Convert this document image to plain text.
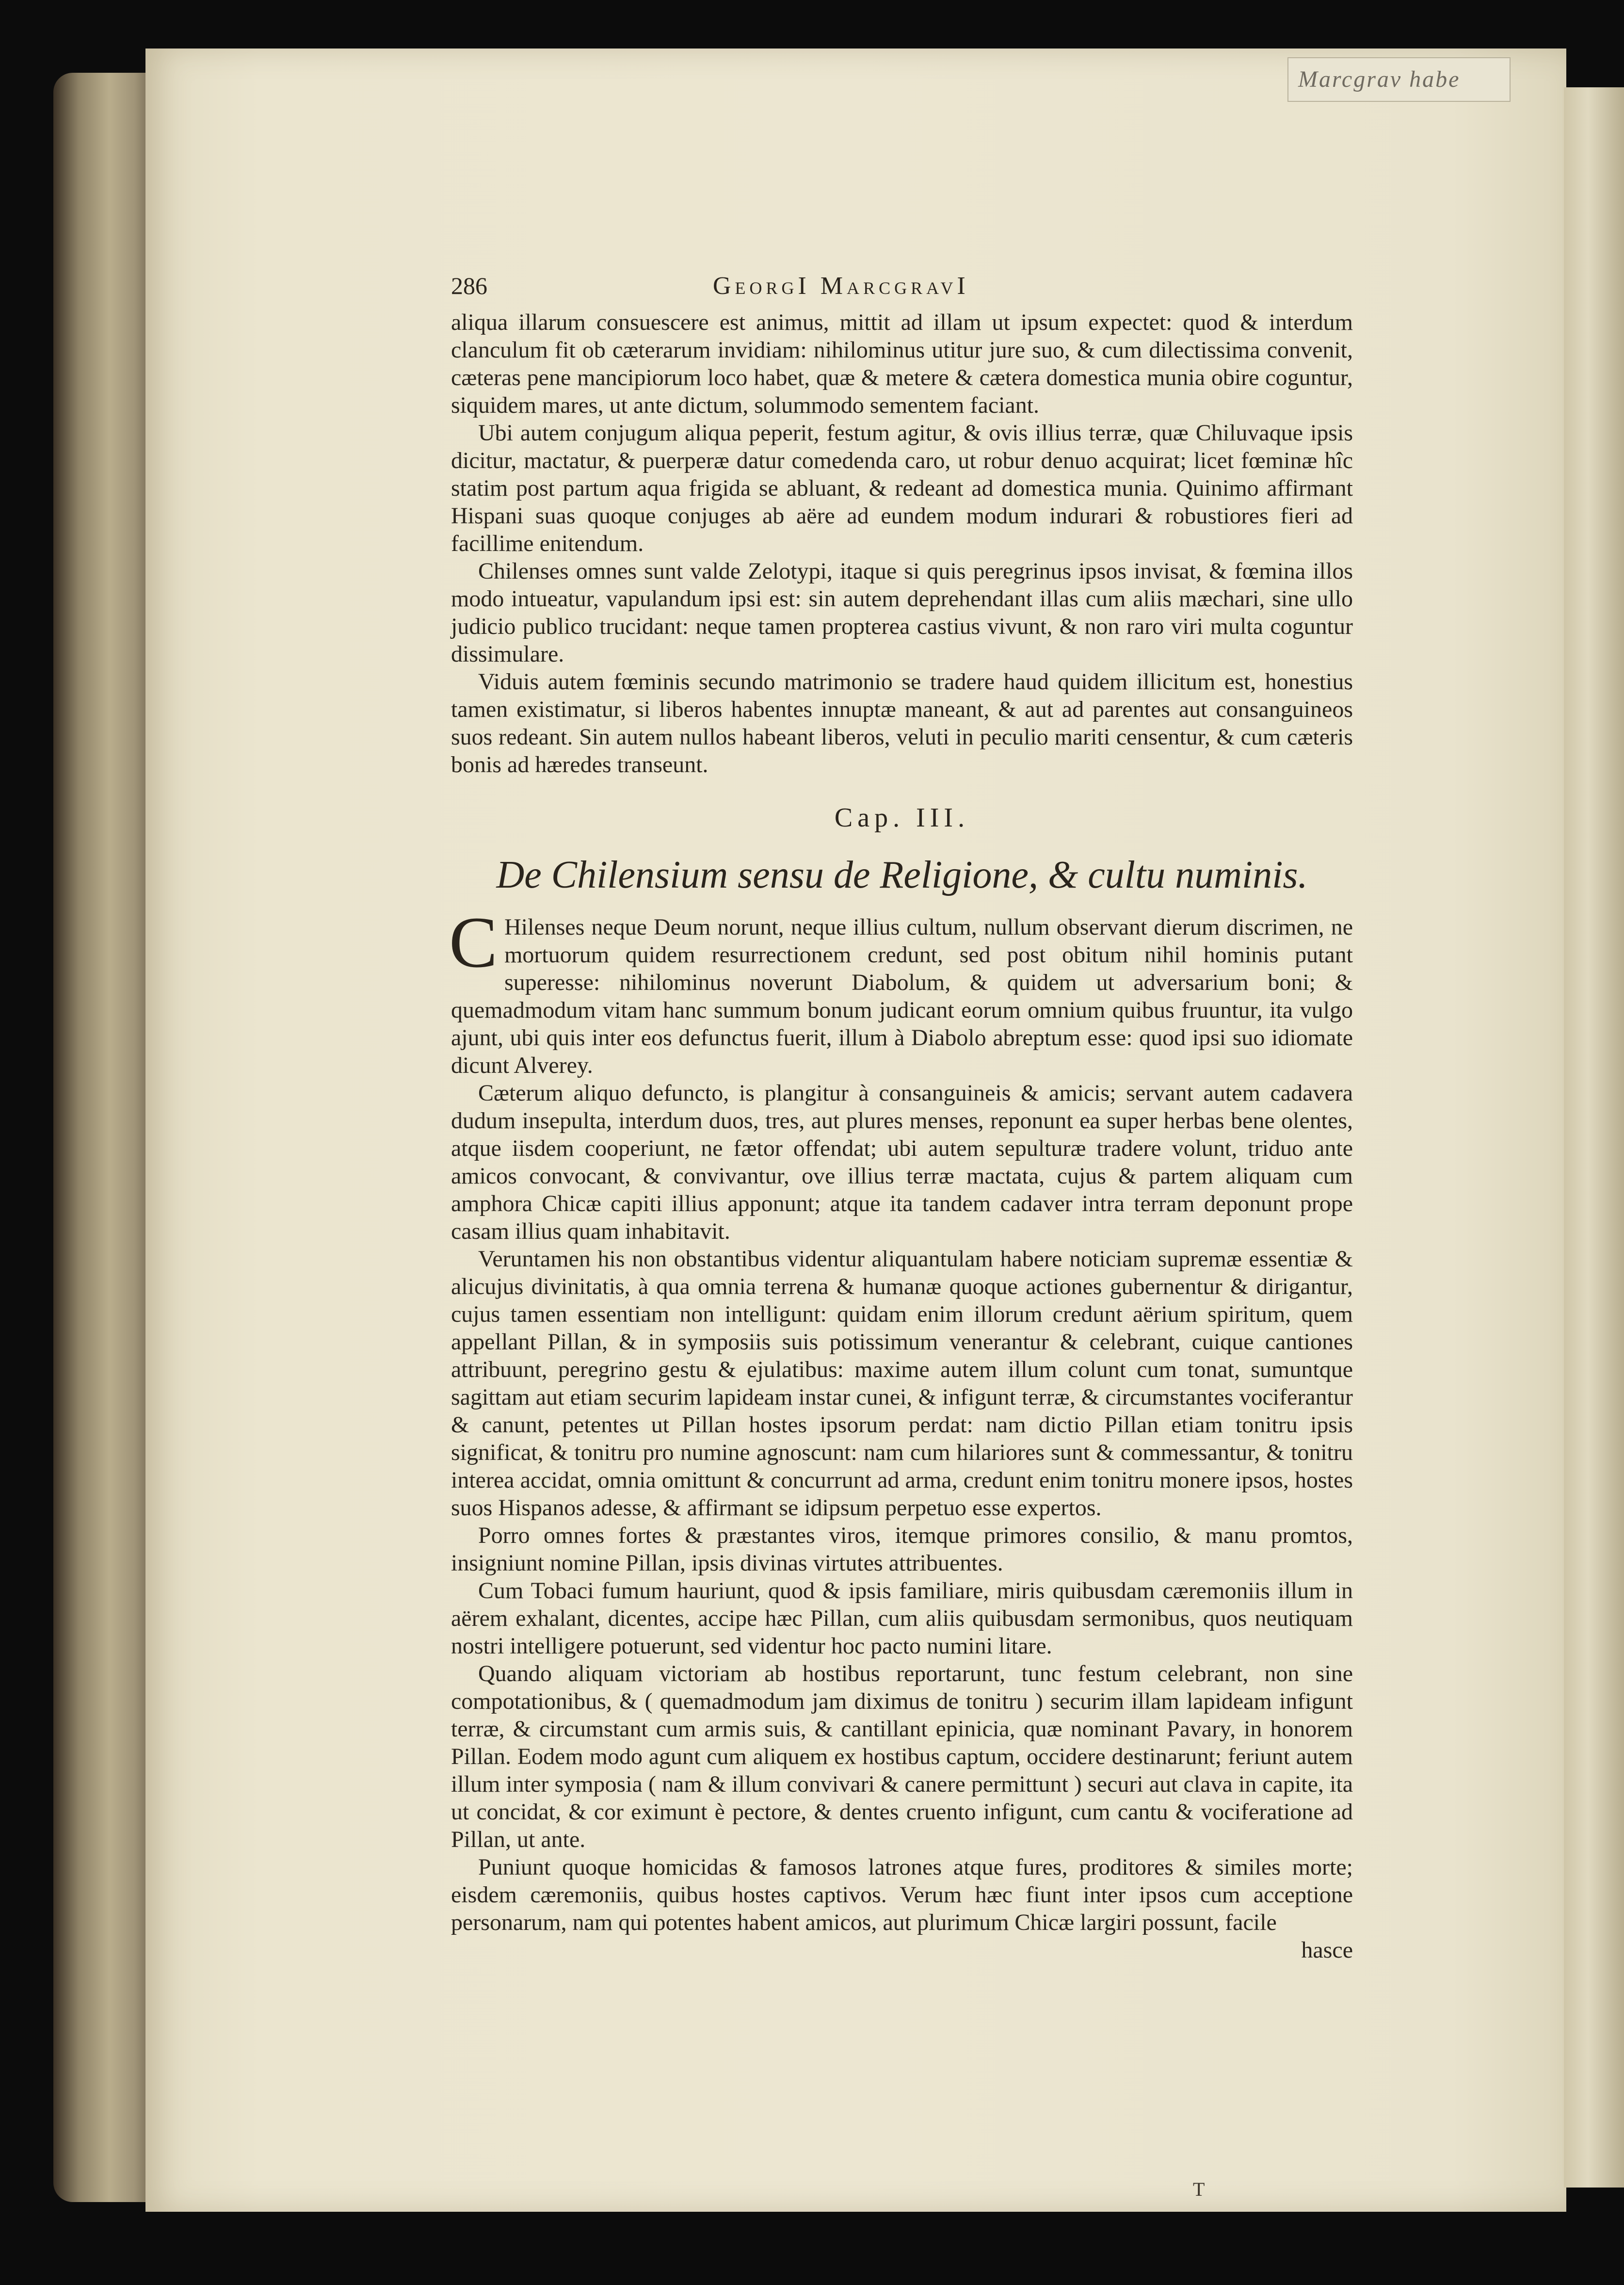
Marcgrav habe
286	GeorgI MarcgravI

aliqua illarum consuescere est animus, mittit ad illam ut ipsum expectet: quod & interdum clanculum fit ob cæterarum invidiam: nihilominus utitur jure suo, & cum dilectissima convenit, cæteras pene mancipiorum loco habet, quæ & metere & cætera domestica munia obire coguntur, siquidem mares, ut ante dictum, solummodo sementem faciant.

Ubi autem conjugum aliqua peperit, festum agitur, & ovis illius terræ, quæ Chiluvaque ipsis dicitur, mactatur, & puerperæ datur comedenda caro, ut robur denuo acquirat; licet fœminæ hîc statim post partum aqua frigida se abluant, & redeant ad domestica munia. Quinimo affirmant Hispani suas quoque conjuges ab aëre ad eundem modum indurari & robustiores fieri ad facillime enitendum.

Chilenses omnes sunt valde Zelotypi, itaque si quis peregrinus ipsos invisat, & fœmina illos modo intueatur, vapulandum ipsi est: sin autem deprehendant illas cum aliis mæchari, sine ullo judicio publico trucidant: neque tamen propterea castius vivunt, & non raro viri multa coguntur dissimulare.

Viduis autem fœminis secundo matrimonio se tradere haud quidem illicitum est, honestius tamen existimatur, si liberos habentes innuptæ maneant, & aut ad parentes aut consanguineos suos redeant. Sin autem nullos habeant liberos, veluti in peculio mariti censentur, & cum cæteris bonis ad hæredes transeunt.

Cap. III.
De Chilensium sensu de Religione, & cultu numinis.

C Hilenses neque Deum norunt, neque illius cultum, nullum observant dierum discrimen, ne mortuorum quidem resurrectionem credunt, sed post obitum nihil hominis putant superesse: nihilominus noverunt Diabolum, & quidem ut adversarium boni; & quemadmodum vitam hanc summum bonum judicant eorum omnium quibus fruuntur, ita vulgo ajunt, ubi quis inter eos defunctus fuerit, illum à Diabolo abreptum esse: quod ipsi suo idiomate dicunt Alverey.

Cæterum aliquo defuncto, is plangitur à consanguineis & amicis; servant autem cadavera dudum insepulta, interdum duos, tres, aut plures menses, reponunt ea super herbas bene olentes, atque iisdem cooperiunt, ne fætor offendat; ubi autem sepulturæ tradere volunt, triduo ante amicos convocant, & convivantur, ove illius terræ mactata, cujus & partem aliquam cum amphora Chicæ capiti illius apponunt; atque ita tandem cadaver intra terram deponunt prope casam illius quam inhabitavit.

Veruntamen his non obstantibus videntur aliquantulam habere noticiam supremæ essentiæ & alicujus divinitatis, à qua omnia terrena & humanæ quoque actiones gubernentur & dirigantur, cujus tamen essentiam non intelligunt: quidam enim illorum credunt aërium spiritum, quem appellant Pillan, & in symposiis suis potissimum venerantur & celebrant, cuique cantiones attribuunt, peregrino gestu & ejulatibus: maxime autem illum colunt cum tonat, sumuntque sagittam aut etiam securim lapideam instar cunei, & infigunt terræ, & circumstantes vociferantur & canunt, petentes ut Pillan hostes ipsorum perdat: nam dictio Pillan etiam tonitru ipsis significat, & tonitru pro numine agnoscunt: nam cum hilariores sunt & commessantur, & tonitru interea accidat, omnia omittunt & concurrunt ad arma, credunt enim tonitru monere ipsos, hostes suos Hispanos adesse, & affirmant se idipsum perpetuo esse expertos.

Porro omnes fortes & præstantes viros, itemque primores consilio, & manu promtos, insigniunt nomine Pillan, ipsis divinas virtutes attribuentes.

Cum Tobaci fumum hauriunt, quod & ipsis familiare, miris quibusdam cæremoniis illum in aërem exhalant, dicentes, accipe hæc Pillan, cum aliis quibusdam sermonibus, quos neutiquam nostri intelligere potuerunt, sed videntur hoc pacto numini litare.

Quando aliquam victoriam ab hostibus reportarunt, tunc festum celebrant, non sine compotationibus, & ( quemadmodum jam diximus de tonitru ) securim illam lapideam infigunt terræ, & circumstant cum armis suis, & cantillant epinicia, quæ nominant Pavary, in honorem Pillan. Eodem modo agunt cum aliquem ex hostibus captum, occidere destinarunt; feriunt autem illum inter symposia ( nam & illum convivari & canere permittunt ) securi aut clava in capite, ita ut concidat, & cor eximunt è pectore, & dentes cruento infigunt, cum cantu & vociferatione ad Pillan, ut ante.

Puniunt quoque homicidas & famosos latrones atque fures, proditores & similes morte; eisdem cæremoniis, quibus hostes captivos. Verum hæc fiunt inter ipsos cum acceptione personarum, nam qui potentes habent amicos, aut plurimum Chicæ largiri possunt, facile

hasce
T
